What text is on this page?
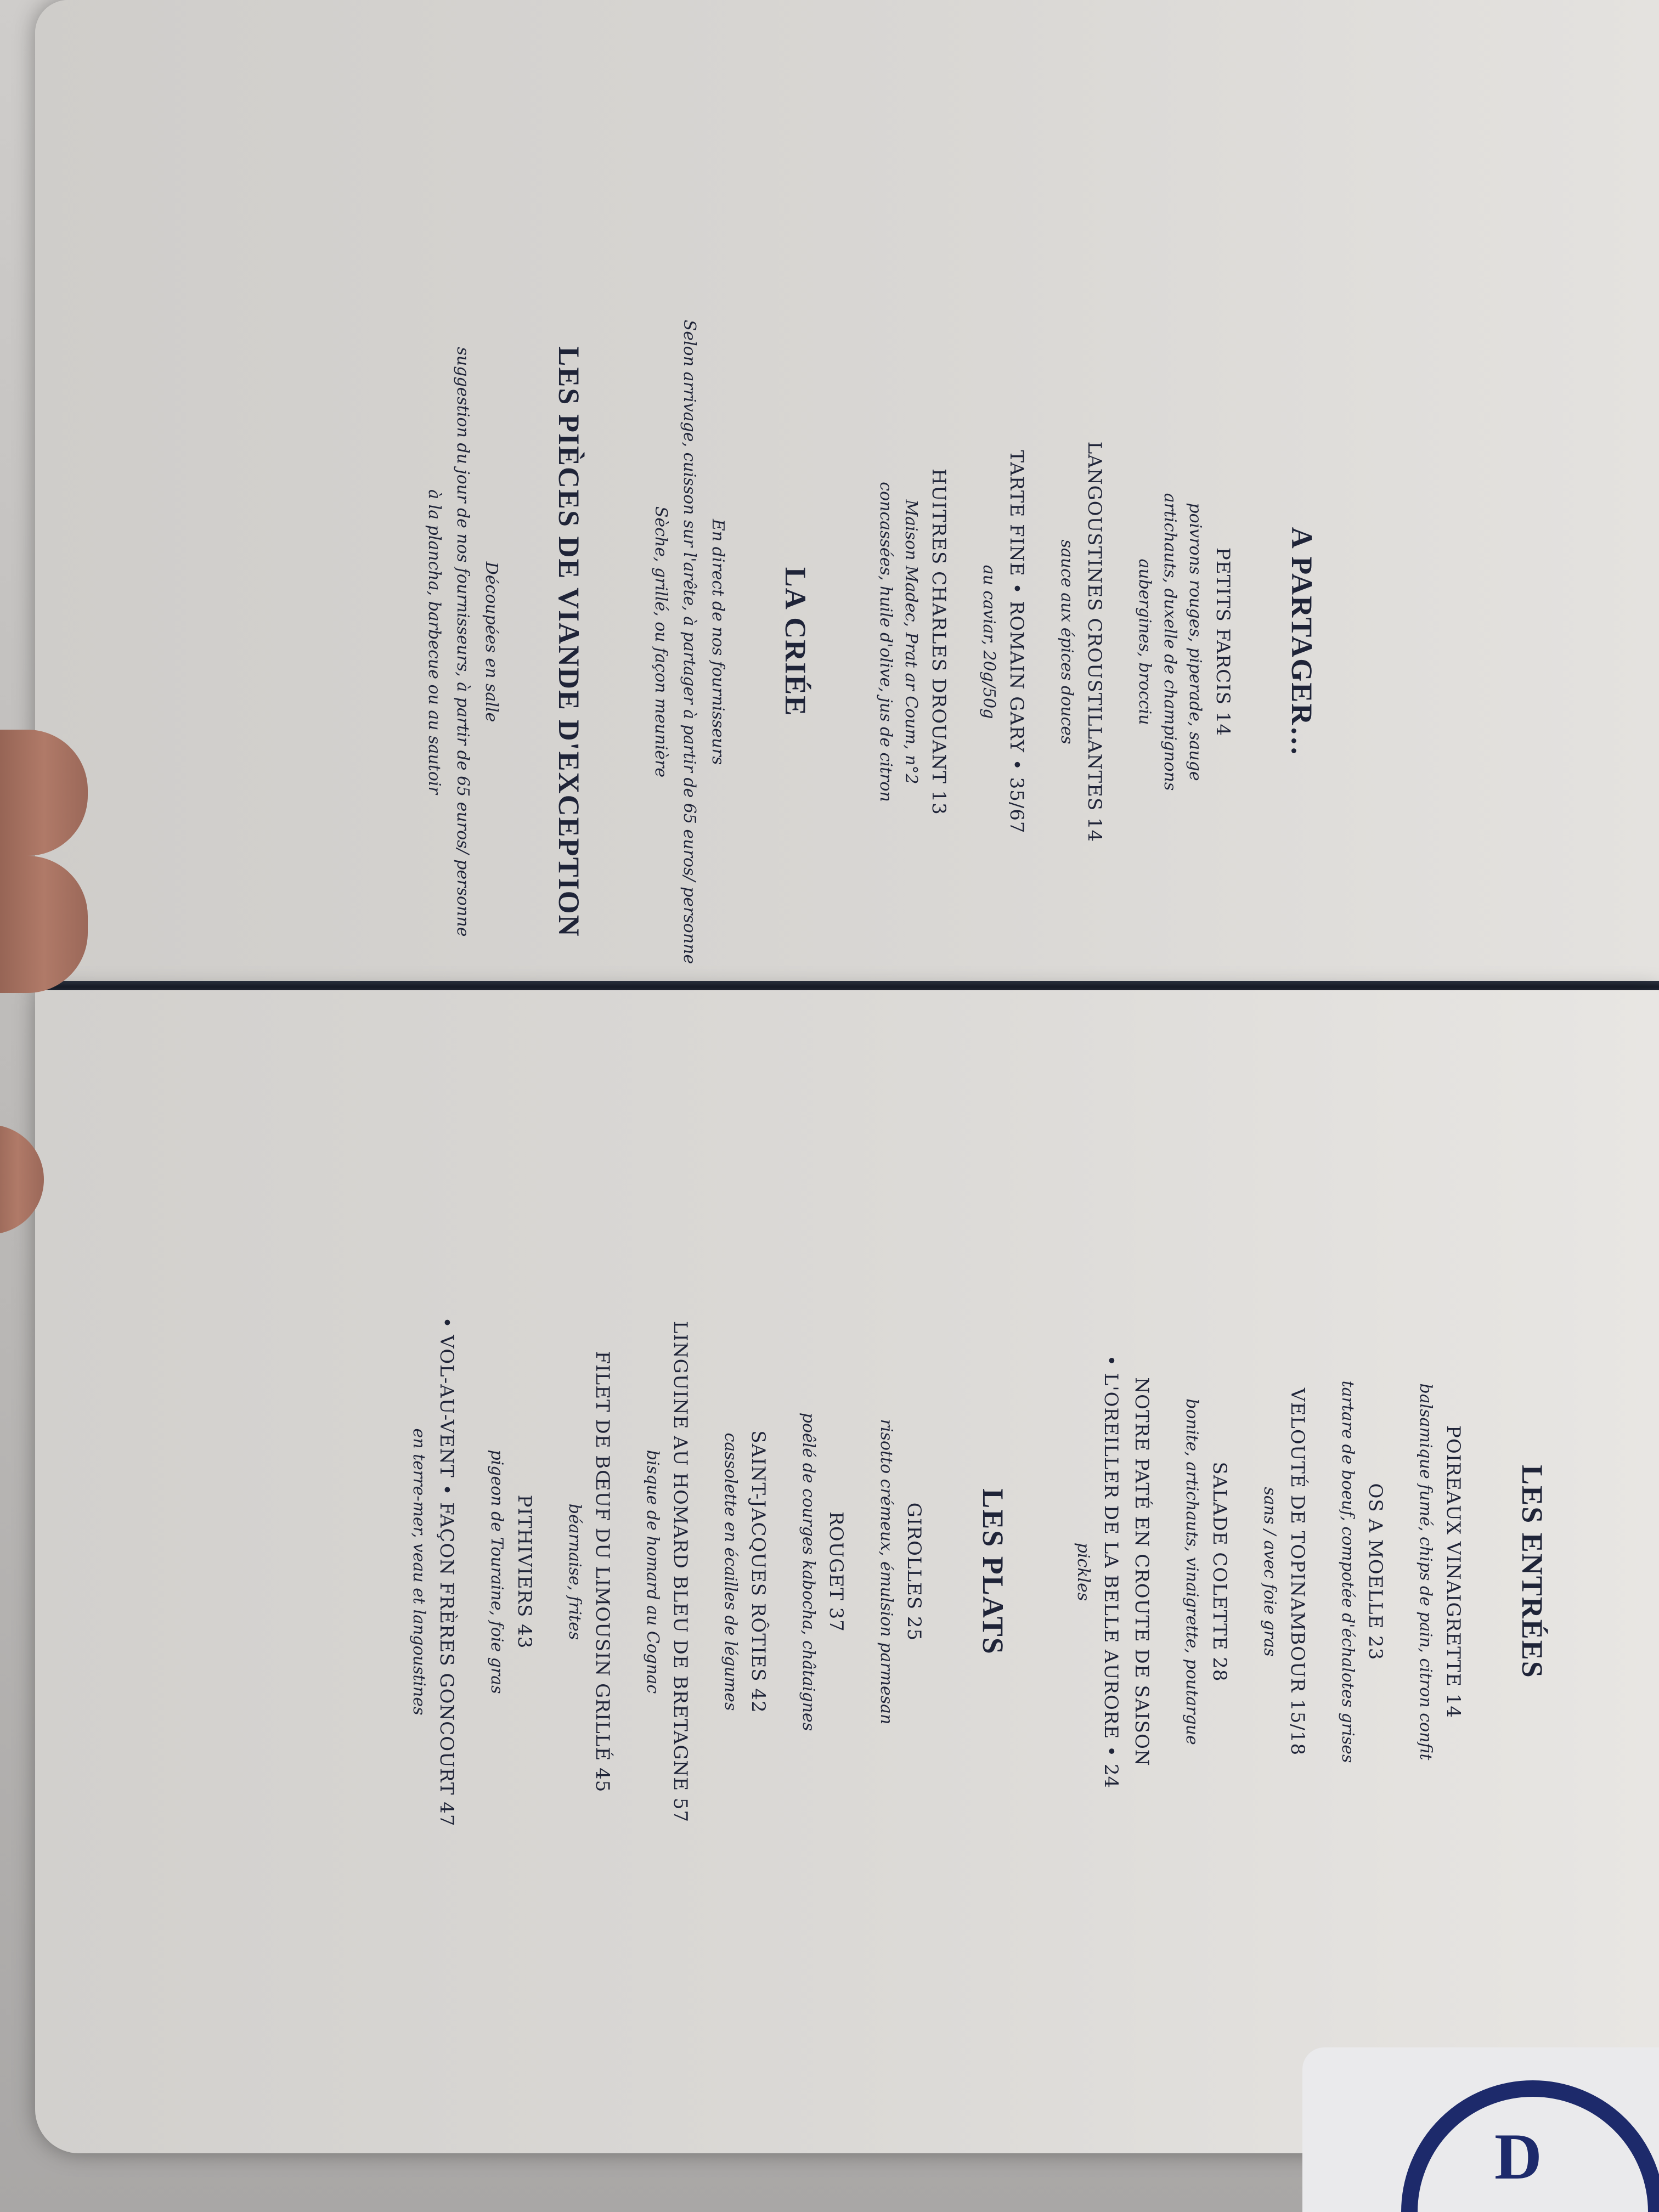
A PARTAGER…

PETITS FARCIS 14

poivrons rouges, piperade, sauge

artichauts, duxelle de champignons

aubergines, brocciu

LANGOUSTINES CROUSTILLANTES 14

sauce aux épices douces

TARTE FINE • ROMAIN GARY • 35/67

au caviar, 20g/50g

HUITRES CHARLES DROUANT 13

Maison Madec, Prat ar Coum, n°2

concassées, huile d'olive, jus de citron

LA CRIÉE

En direct de nos fournisseurs

Selon arrivage, cuisson sur l'arête, à partager à partir de 65 euros/ personne

Sèche, grillé, ou façon meunière

LES PIÈCES DE VIANDE D'EXCEPTION

Découpées en salle

suggestion du jour de nos fournisseurs, à partir de 65 euros/ personne

à la plancha, barbecue ou au sautoir

LES ENTRÉES

POIREAUX VINAIGRETTE 14

balsamique fumé, chips de pain, citron confit

OS A MOELLE 23

tartare de boeuf, compotée d'échalotes grises

VELOUTÉ DE TOPINAMBOUR 15/18

sans / avec foie gras

SALADE COLETTE 28

bonite, artichauts, vinaigrette, poutargue

NOTRE PATÉ EN CROUTE DE SAISON

• L'OREILLER DE LA BELLE AURORE • 24

pickles

LES PLATS

GIROLLES 25

risotto crémeux, émulsion parmesan

ROUGET 37

poêlé de courges kabocha, châtaignes

SAINT-JACQUES RÔTIES 42

cassolette en écailles de légumes

LINGUINE AU HOMARD BLEU DE BRETAGNE 57

bisque de homard au Cognac

FILET DE BŒUF DU LIMOUSIN GRILLÉ 45

béarnaise, frites

PITHIVIERS 43

pigeon de Touraine, foie gras

• VOL-AU-VENT • FAÇON FRÈRES GONCOURT 47

en terre-mer, veau et langoustines

D
